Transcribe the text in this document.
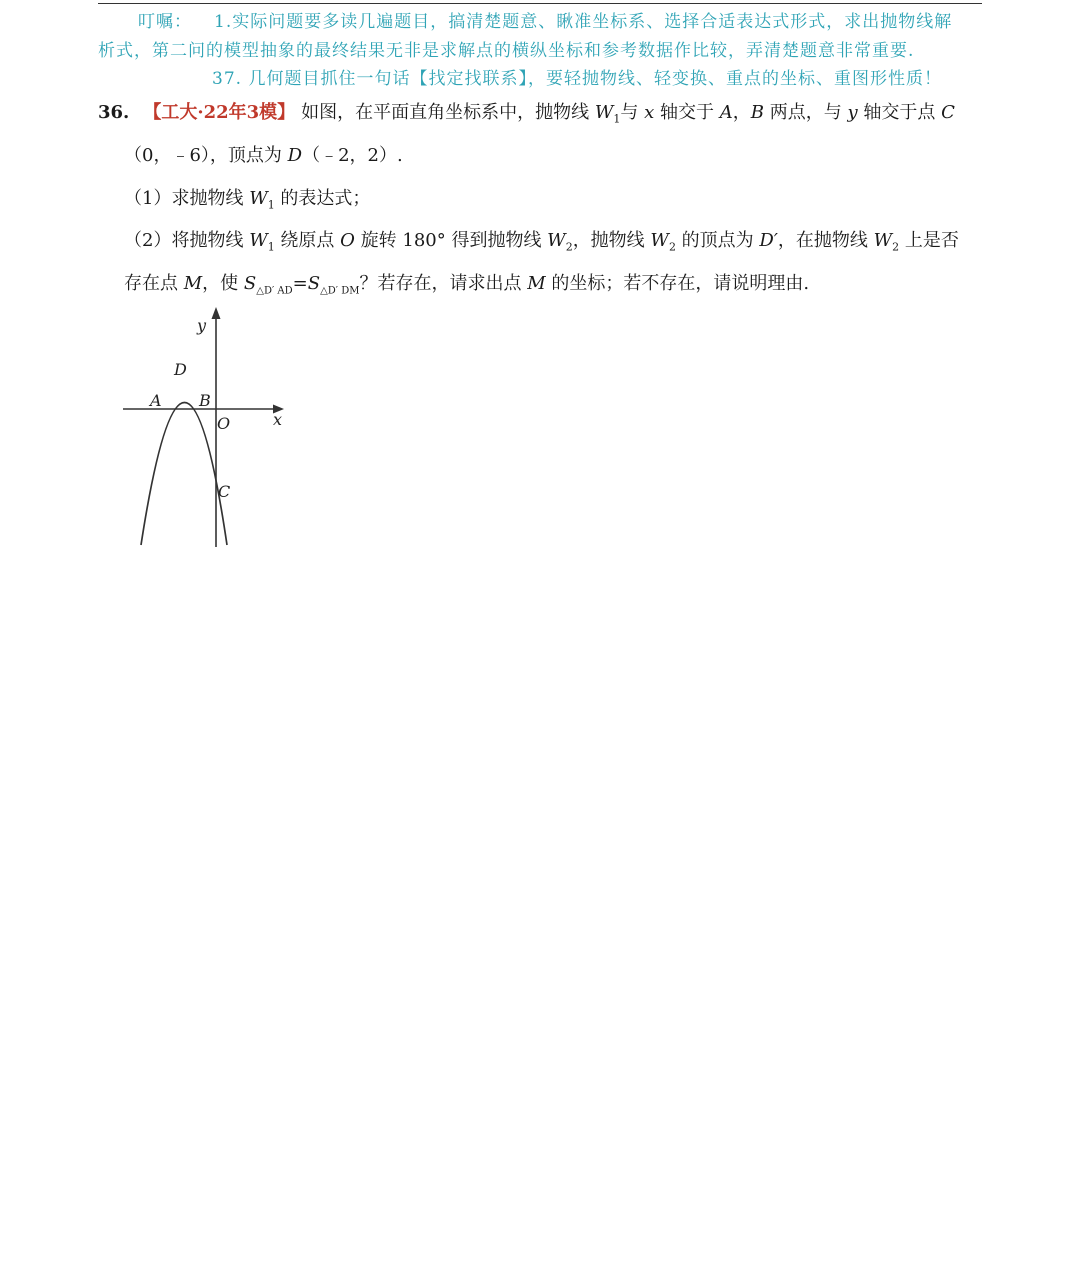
叮嘱： 1.实际问题要多读几遍题目，搞清楚题意、瞅准坐标系、选择合适表达式形式，求出抛物线解
析式，第二问的模型抽象的最终结果无非是求解点的横纵坐标和参考数据作比较，弄清楚题意非常重要.
37. 几何题目抓住一句话【找定找联系】，要轻抛物线、轻变换、重点的坐标、重图形性质！
36. 【工大·22年3模】 如图，在平面直角坐标系中，抛物线 $W_1$与 x 轴交于 A，B 两点，与 y 轴交于点 C
（0，﹣6），顶点为 D（﹣2，2）.
（1）求抛物线 $W_1$ 的表达式；
（2）将抛物线 $W_1$ 绕原点 O 旋转 180° 得到抛物线 $W_2$，抛物线 $W_2$ 的顶点为 D′，在抛物线 $W_2$ 上是否
存在点 M，使 $S_{\triangle D' AD}=S_{\triangle D' DM}$？若存在，请求出点 M 的坐标；若不存在，请说明理由.
y
x
O
D
A B
C
